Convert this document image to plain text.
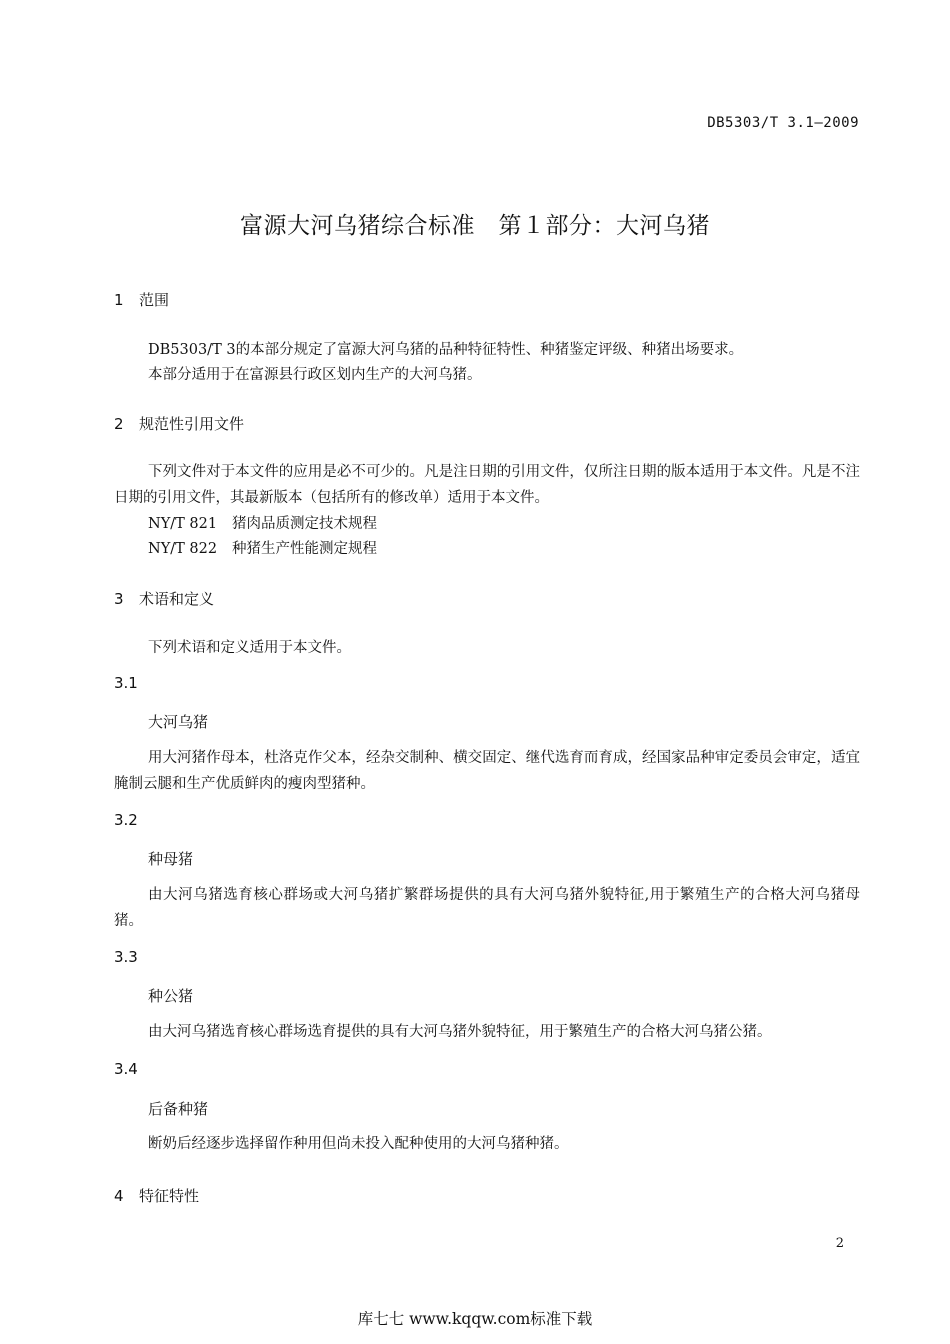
DB5303/T 3.1—2009
富源大河乌猪综合标准　第１部分：大河乌猪
1 范围
DB5303/T 3的本部分规定了富源大河乌猪的品种特征特性、种猪鉴定评级、种猪出场要求。
本部分适用于在富源县行政区划内生产的大河乌猪。
2 规范性引用文件

下列文件对于本文件的应用是必不可少的。凡是注日期的引用文件，仅所注日期的版本适用于本文件。凡是不注日期的引用文件，其最新版本（包括所有的修改单）适用于本文件。

NY/T 821 猪肉品质测定技术规程
NY/T 822 种猪生产性能测定规程
3 术语和定义
下列术语和定义适用于本文件。
3.1
大河乌猪

用大河猪作母本，杜洛克作父本，经杂交制种、横交固定、继代选育而育成，经国家品种审定委员会审定，适宜腌制云腿和生产优质鲜肉的瘦肉型猪种。

3.2
种母猪

由大河乌猪选育核心群场或大河乌猪扩繁群场提供的具有大河乌猪外貌特征,用于繁殖生产的合格大河乌猪母猪。

3.3
种公猪

由大河乌猪选育核心群场选育提供的具有大河乌猪外貌特征，用于繁殖生产的合格大河乌猪公猪。

3.4
后备种猪

断奶后经逐步选择留作种用但尚未投入配种使用的大河乌猪种猪。

4 特征特性
2
库七七 www.kqqw.com标准下载
